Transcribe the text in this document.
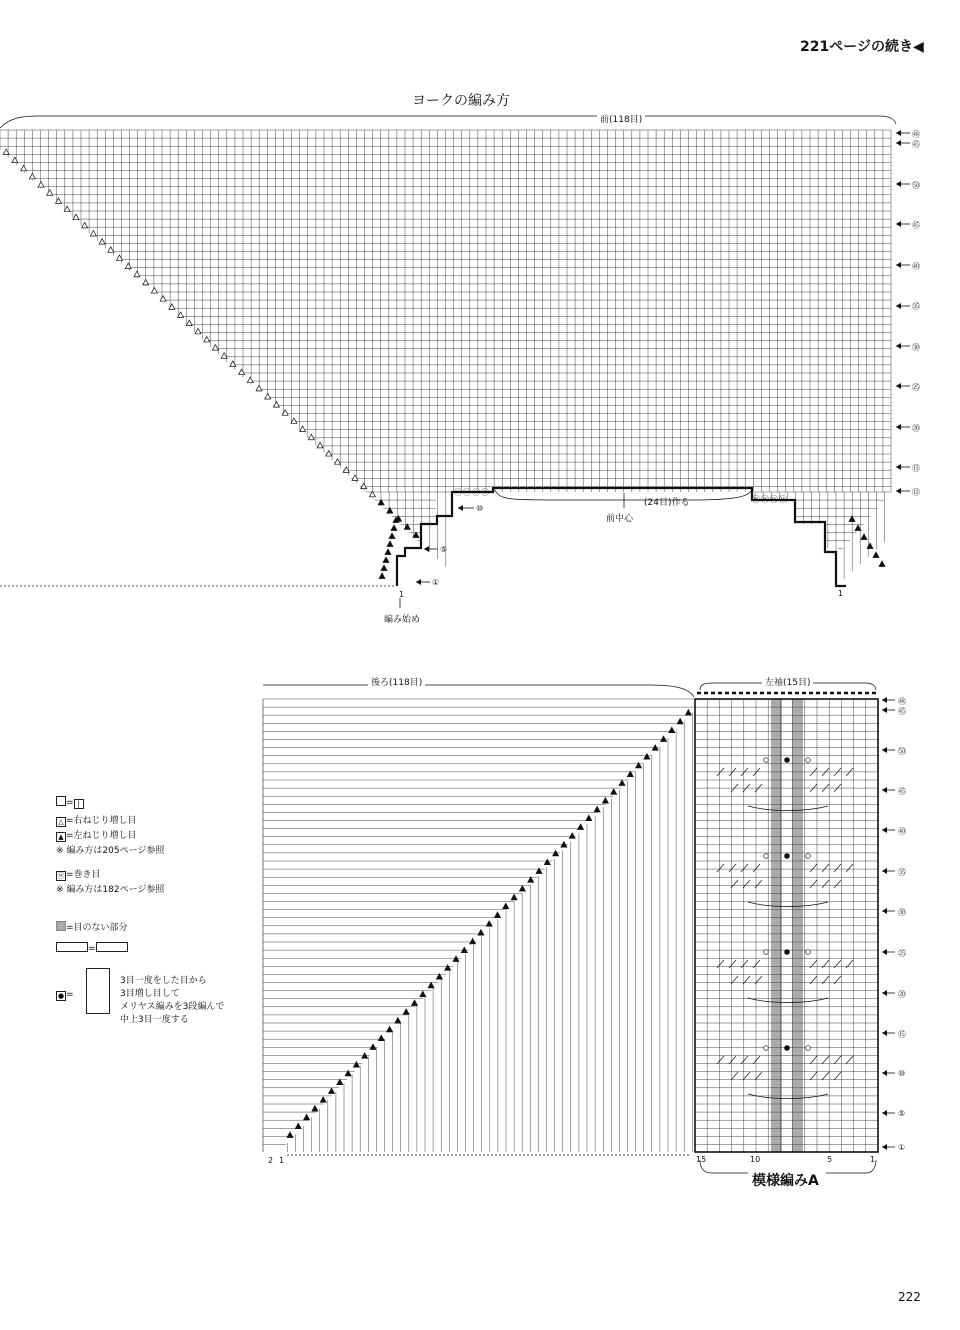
221ページの続き◀
ヨークの編み方
前(118目)
(24目)作る
前中心
1
編み始め
1
ⓦⓦⓦⓦ
ⓦⓦⓦⓦ
㊽
㊺
㊿
㊺
㊵
㉟
㉚
㉕
⑳
⑮
⑫
⑩
⑤
①
後ろ(118目)
2 1
左袖(15目)
15	10	5	1
模様編みA
㊽
㊺
㊿
㊺
㊵
㉟
㉚
㉕
⑳
⑮
⑩
⑤
①
= |
△ =右ねじり増し目
▲ =左ねじり増し目
※ 編み方は205ページ参照
ⓦ =巻き目
※ 編み方は182ページ参照
=目のない部分
=
● =
3目一度をした目から
3目増し目して
メリヤス編みを3段編んで
中上3目一度する
222
